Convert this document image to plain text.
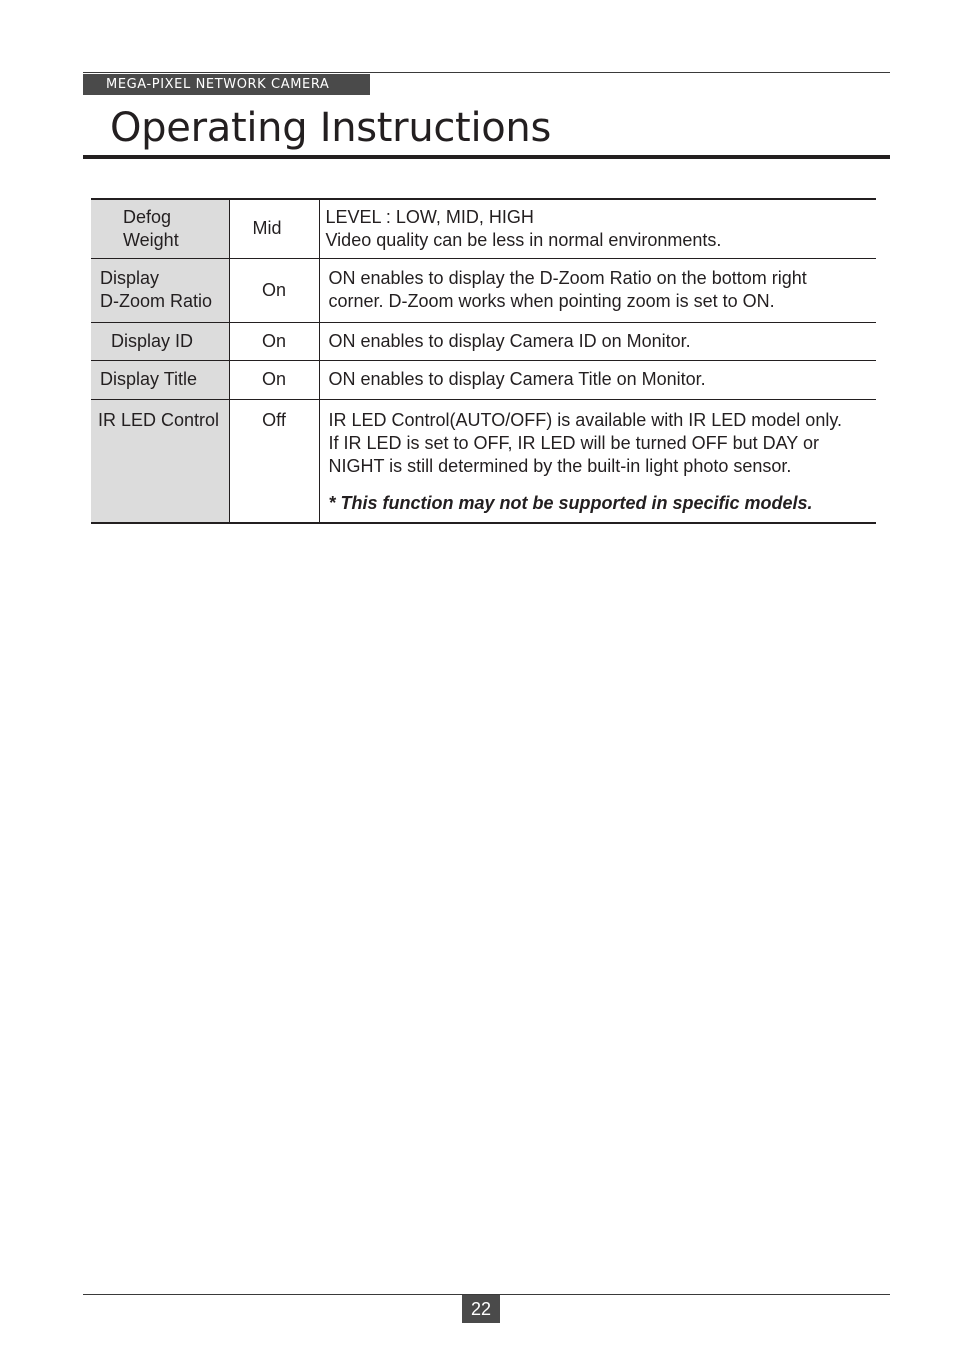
MEGA-PIXEL NETWORK CAMERA
Operating Instructions
Defog
Weight	Mid	LEVEL : LOW, MID, HIGH
Video quality can be less in normal environments.

Display
D-Zoom Ratio	On	ON enables to display the D-Zoom Ratio on the bottom right
corner. D-Zoom works when pointing zoom is set to ON.

Display ID	On	ON enables to display Camera ID on Monitor.

Display Title	On	ON enables to display Camera Title on Monitor.

IR LED Control	Off	IR LED Control(AUTO/OFF) is available with IR LED model only.
If IR LED is set to OFF, IR LED will be turned OFF but DAY or
NIGHT is still determined by the built-in light photo sensor.
* This function may not be supported in specific models.
22
